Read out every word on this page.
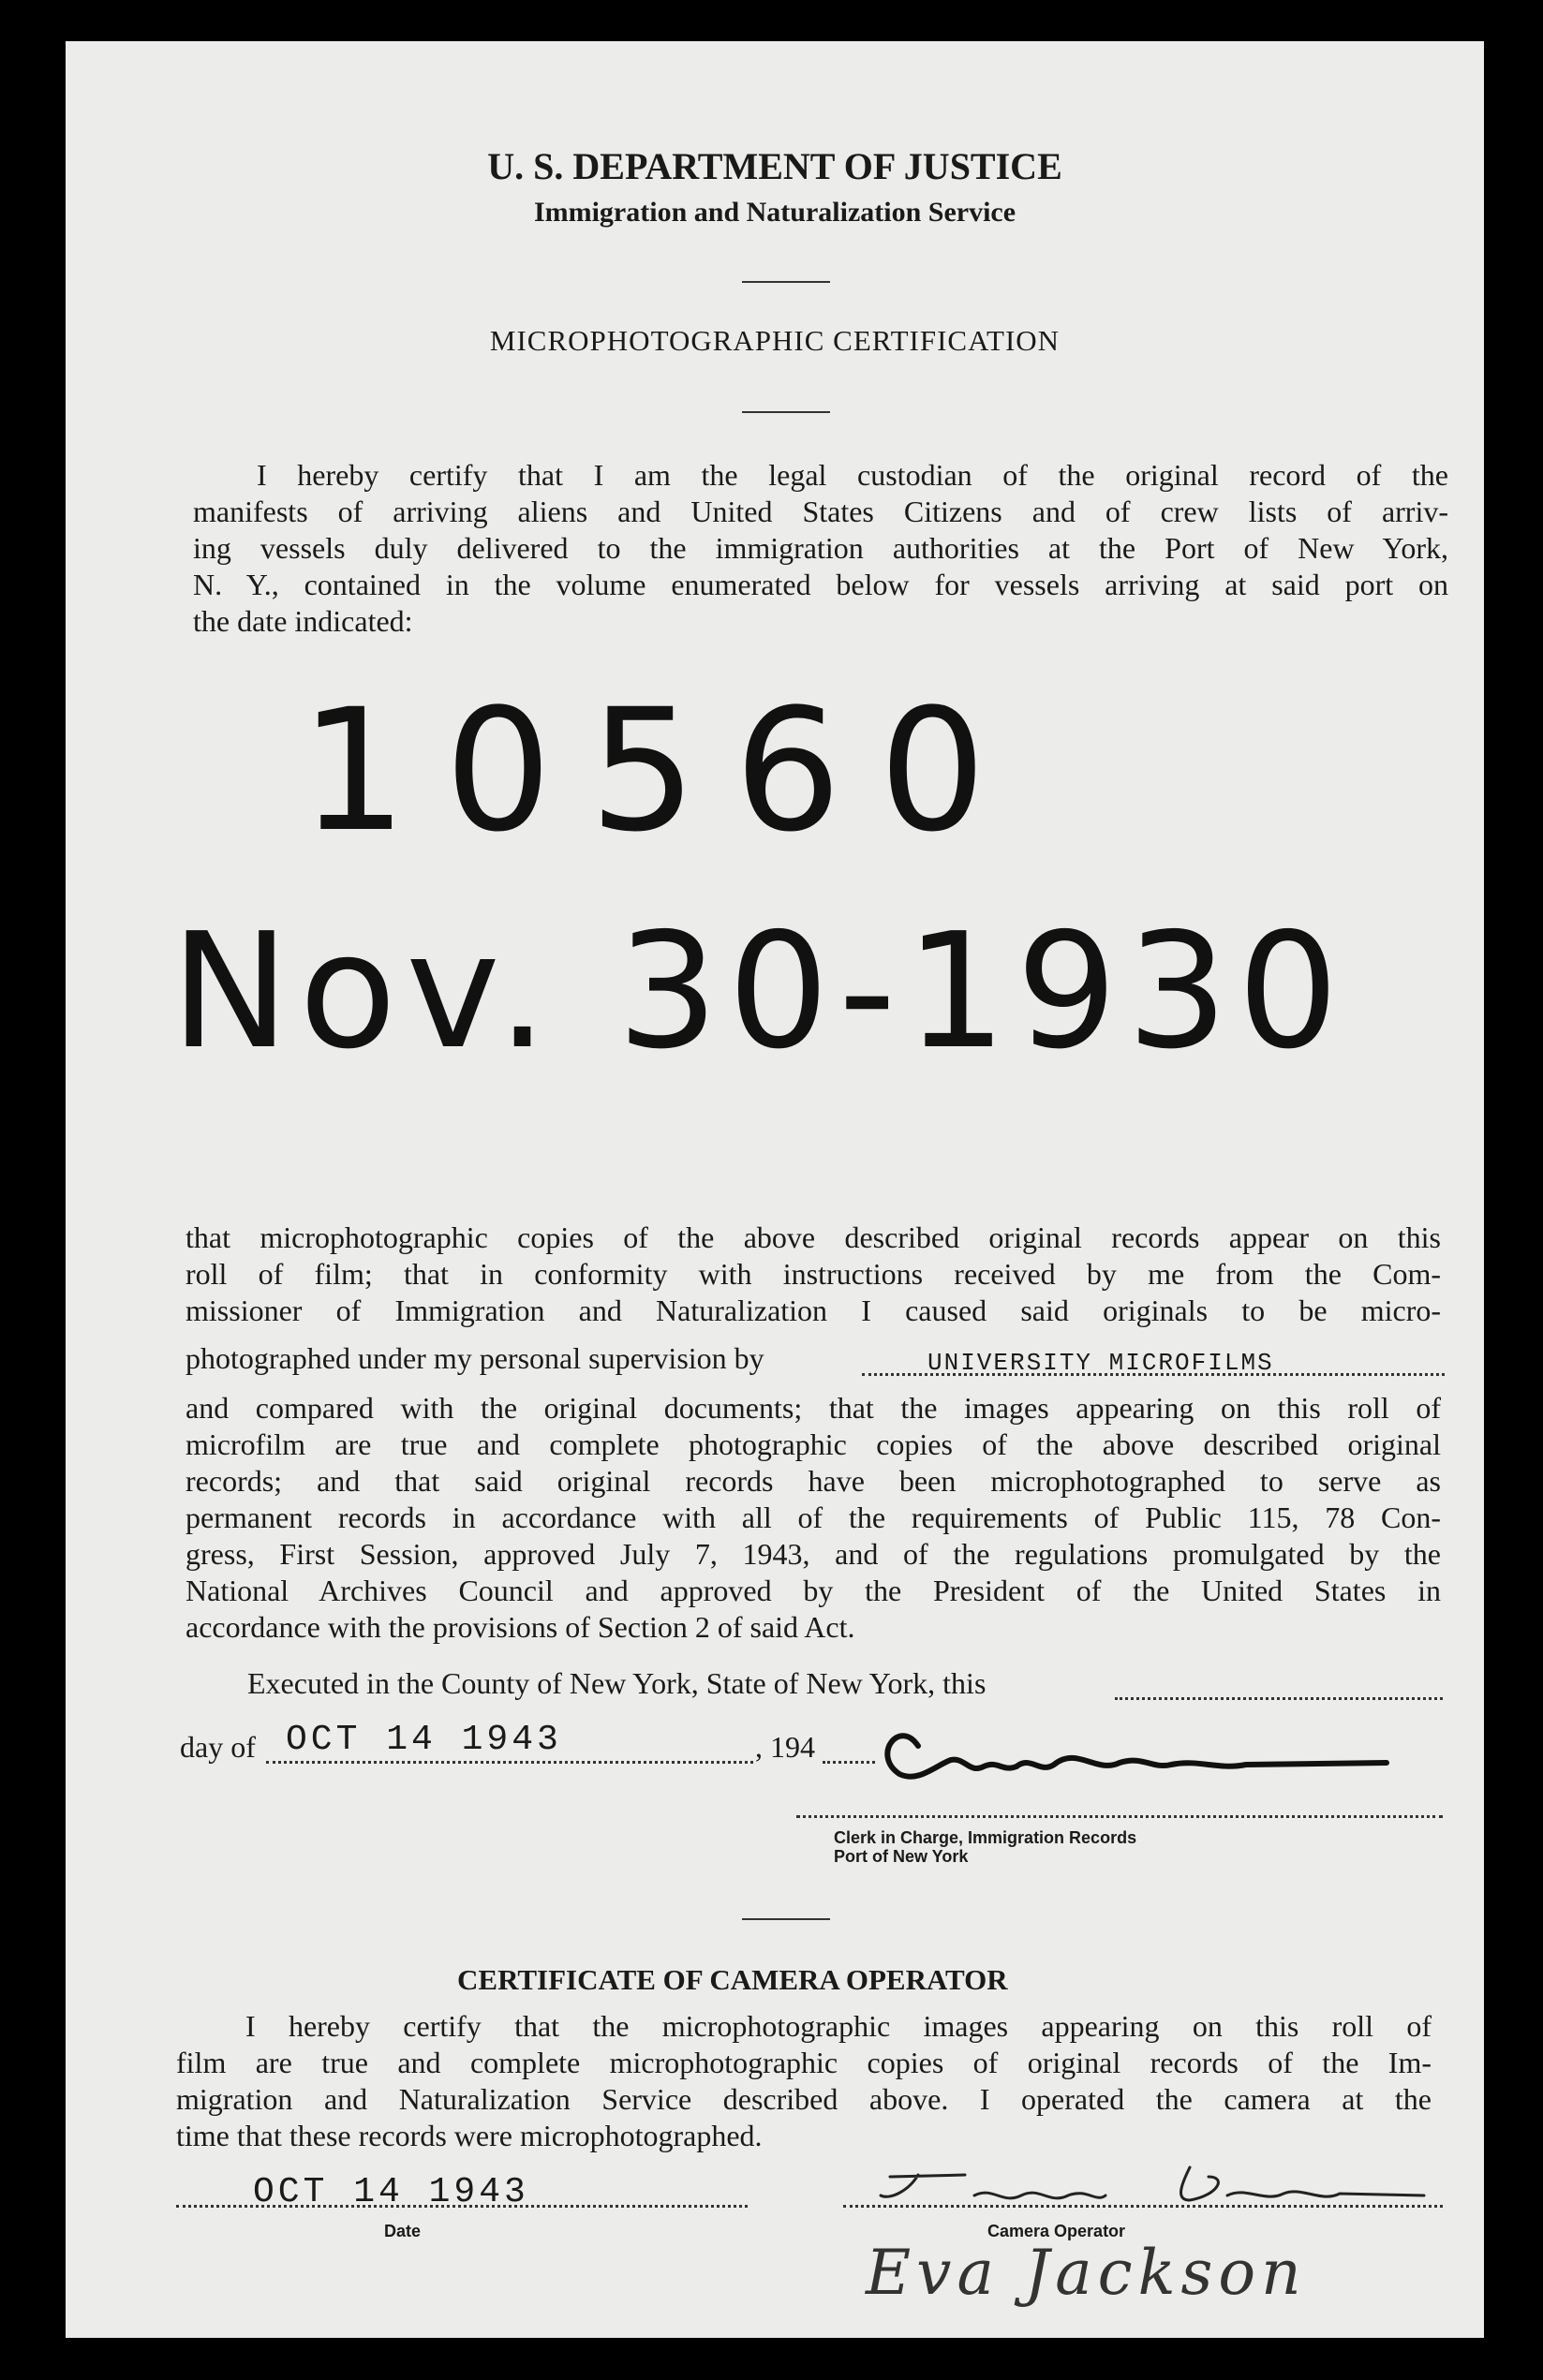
U. S. DEPARTMENT OF JUSTICE
Immigration and Naturalization Service
MICROPHOTOGRAPHIC CERTIFICATION
I hereby certify that I am the legal custodian of the original record of the
manifests of arriving aliens and United States Citizens and of crew lists of arriv-
ing vessels duly delivered to the immigration authorities at the Port of New York,
N. Y., contained in the volume enumerated below for vessels arriving at said port on
the date indicated:
10560
Nov. 30-1930
that microphotographic copies of the above described original records appear on this
roll of film; that in conformity with instructions received by me from the Com-
missioner of Immigration and Naturalization I caused said originals to be micro-
photographed under my personal supervision by	UNIVERSITY MICROFILMS
and compared with the original documents; that the images appearing on this roll of
microfilm are true and complete photographic copies of the above described original
records; and that said original records have been microphotographed to serve as
permanent records in accordance with all of the requirements of Public 115, 78 Con-
gress, First Session, approved July 7, 1943, and of the regulations promulgated by the
National Archives Council and approved by the President of the United States in
accordance with the provisions of Section 2 of said Act.
Executed in the County of New York, State of New York, this
day of OCT 14 1943	, 194
Clerk in Charge, Immigration Records
Port of New York
CERTIFICATE OF CAMERA OPERATOR
I hereby certify that the microphotographic images appearing on this roll of
film are true and complete microphotographic copies of original records of the Im-
migration and Naturalization Service described above. I operated the camera at the
time that these records were microphotographed.
OCT 14 1943
Date	Camera Operator
Eva Jackson
